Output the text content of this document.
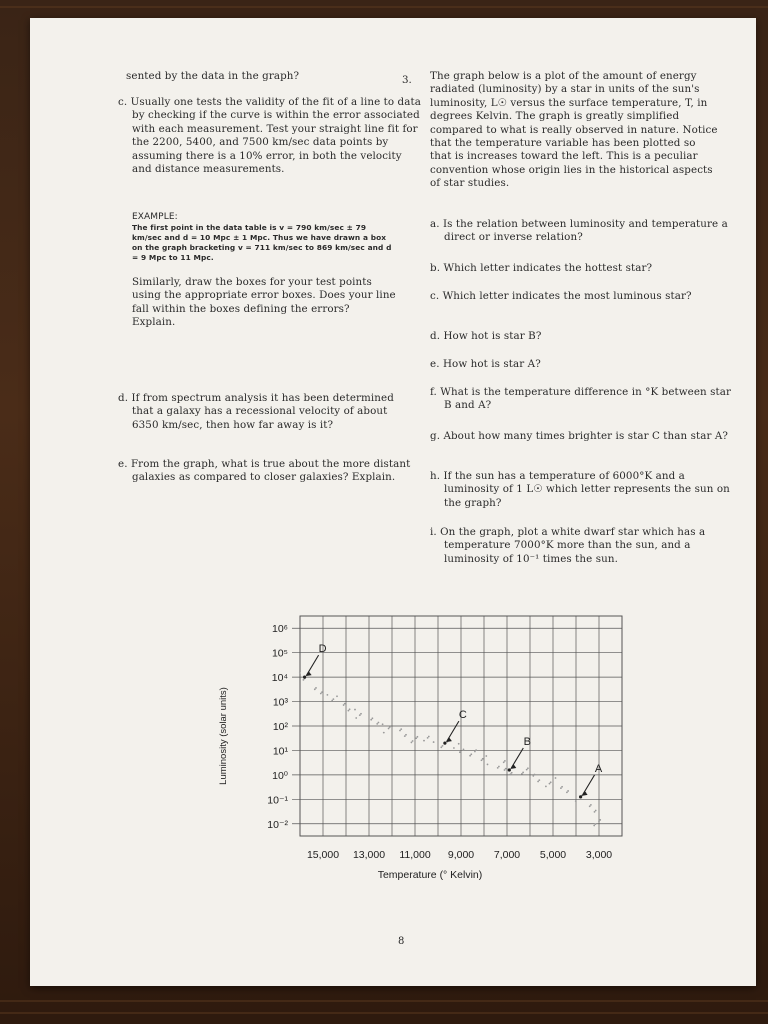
sented by the data in the graph?
c. Usually one tests the validity of the fit of a line to data by checking if the curve is within the error associated with each measurement. Test your straight line fit for the 2200, 5400, and 7500 km/sec data points by assuming there is a 10% error, in both the velocity and distance measurements.
EXAMPLE:
The first point in the data table is v = 790 km/sec ± 79 km/sec and d = 10 Mpc ± 1 Mpc. Thus we have drawn a box on the graph bracketing v = 711 km/sec to 869 km/sec and d = 9 Mpc to 11 Mpc.
Similarly, draw the boxes for your test points using the appropriate error boxes. Does your line fall within the boxes defining the errors? Explain.
d. If from spectrum analysis it has been determined that a galaxy has a recessional velocity of about 6350 km/sec, then how far away is it?
e. From the graph, what is true about the more distant galaxies as compared to closer galaxies? Explain.
3. The graph below is a plot of the amount of energy radiated (luminosity) by a star in units of the sun's luminosity, L☉ versus the surface temperature, T, in degrees Kelvin. The graph is greatly simplified compared to what is really observed in nature. Notice that the temperature variable has been plotted so that is increases toward the left. This is a peculiar convention whose origin lies in the historical aspects of star studies.
a. Is the relation between luminosity and temperature a direct or inverse relation?
b. Which letter indicates the hottest star?
c. Which letter indicates the most luminous star?
d. How hot is star B?
e. How hot is star A?
f. What is the temperature difference in °K between star B and A?
g. About how many times brighter is star C than star A?
h. If the sun has a temperature of 6000°K and a luminosity of 1 L☉ which letter represents the sun on the graph?
i. On the graph, plot a white dwarf star which has a temperature 7000°K more than the sun, and a luminosity of 10⁻¹ times the sun.
10⁶
10⁵
10⁴
10³
10²
10¹
10⁰
10⁻¹
10⁻²
15,000 13,000 11,000 9,000 7,000 5,000 3,000
D
C
B
A
Luminosity (solar units)
Temperature (° Kelvin)
8
